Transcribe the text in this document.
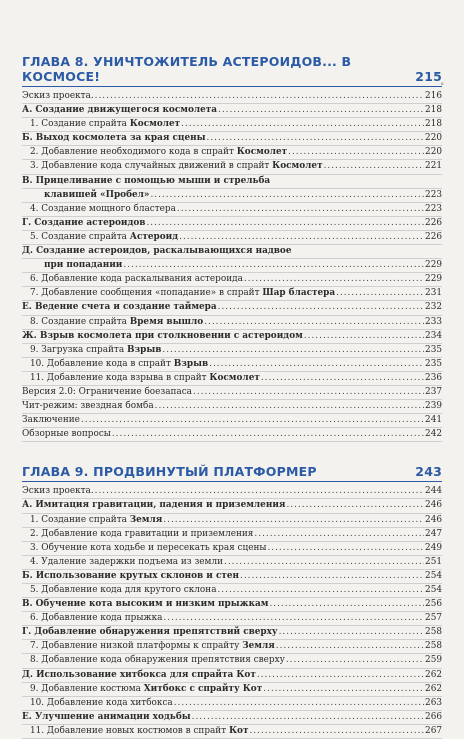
°
ГЛАВА 8. УНИЧТОЖИТЕЛЬ АСТЕРОИДОВ... В КОСМОСЕ!	215
Эскиз проекта. .....	216
А. Создание движущегося космолета .....	218
1. Создание спрайта Космолет .....	218
Б. Выход космолета за края сцены .....	220
2. Добавление необходимого кода в спрайт Космолет .....	220
3. Добавление кода случайных движений в спрайт Космолет .....	221
В. Прицеливание с помощью мыши и стрельба
клавишей «Пробел» .....	223
4. Создание мощного бластера .....	223
Г. Создание астероидов .....	226
5. Создание спрайта Астероид .....	226
Д. Создание астероидов, раскалывающихся надвое
при попадании .....	229
6. Добавление кода раскалывания астероида .....	229
7. Добавление сообщения «попадание» в спрайт Шар бластера .....	231
Е. Ведение счета и создание таймера .....	232
8. Создание спрайта Время вышло .....	233
Ж. Взрыв космолета при столкновении с астероидом .....	234
9. Загрузка спрайта Взрыв .....	235
10. Добавление кода в спрайт Взрыв .....	235
11. Добавление кода взрыва в спрайт Космолет .....	236
Версия 2.0: Ограничение боезапаса .....	237
Чит-режим: звездная бомба .....	239
Заключение .....	241
Обзорные вопросы .....	242
ГЛАВА 9. ПРОДВИНУТЫЙ ПЛАТФОРМЕР	243
Эскиз проекта. .....	244
А. Имитация гравитации, падения и приземления .....	246
1. Создание спрайта Земля .....	246
2. Добавление кода гравитации и приземления .....	247
3. Обучение кота ходьбе и пересекать края сцены .....	249
4. Удаление задержки подъема из земли .....	251
Б. Использование крутых склонов и стен .....	254
5. Добавление кода для крутого склона .....	254
В. Обучение кота высоким и низким прыжкам .....	256
6. Добавление кода прыжка .....	257
Г. Добавление обнаружения препятствий сверху .....	258
7. Добавление низкой платформы к спрайту Земля .....	258
8. Добавление кода обнаружения препятствия сверху .....	259
Д. Использование хитбокса для спрайта Кот .....	262
9. Добавление костюма Хитбокс с спрайту Кот .....	262
10. Добавление кода хитбокса .....	263
Е. Улучшение анимации ходьбы .....	266
11. Добавление новых костюмов в спрайт Кот .....	267
